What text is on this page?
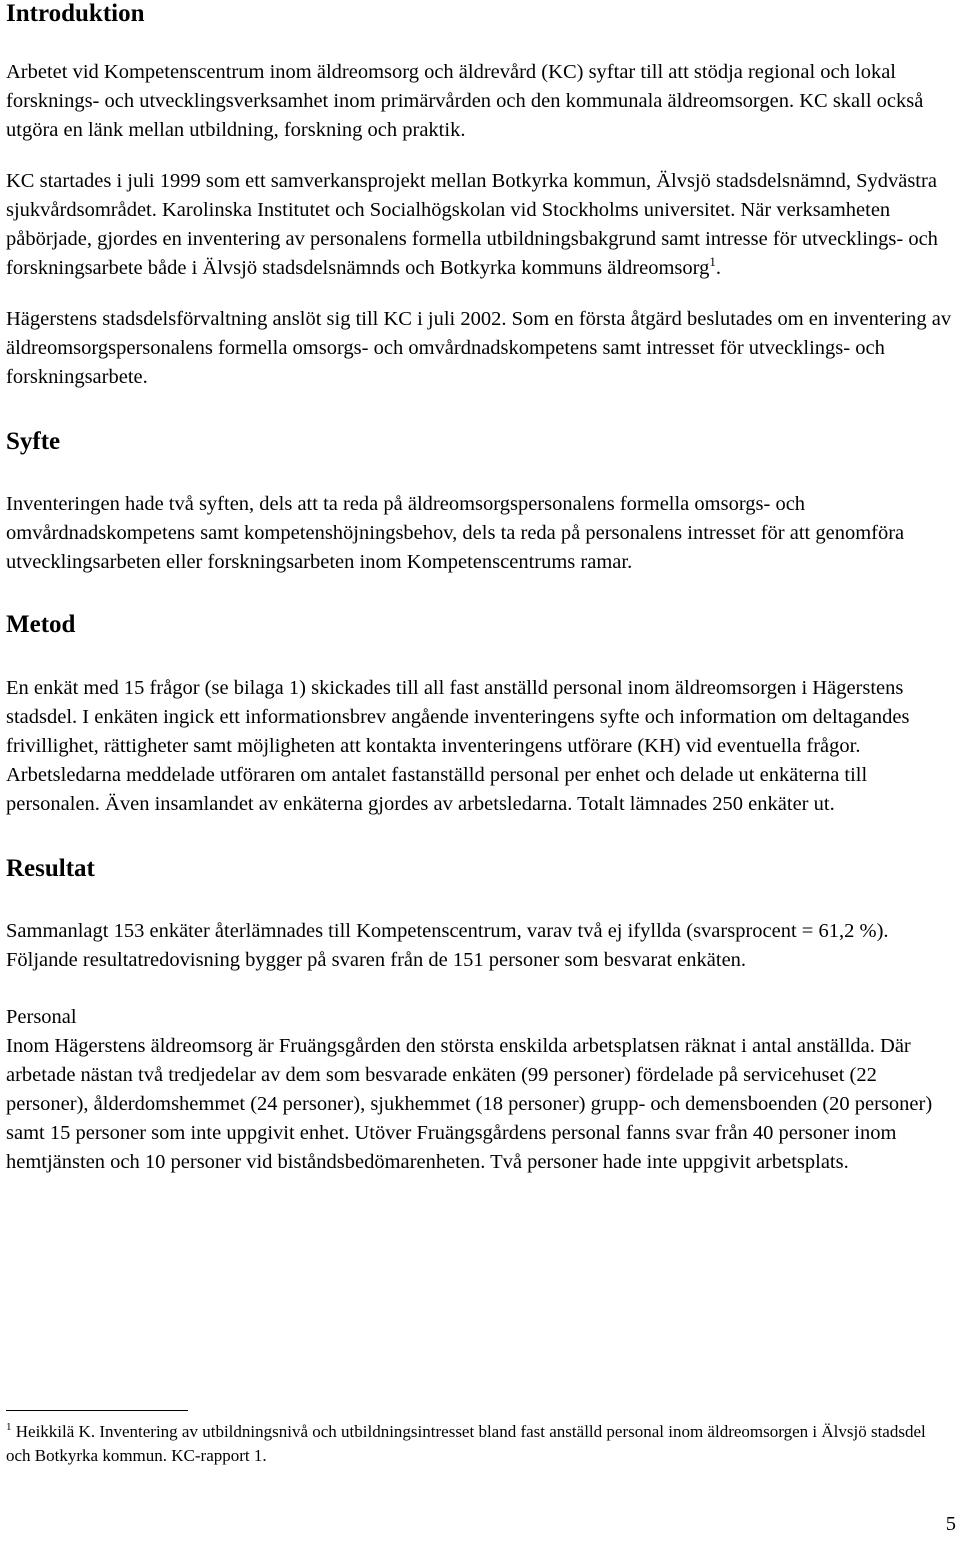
Introduktion

Arbetet vid Kompetenscentrum inom äldreomsorg och äldrevård (KC) syftar till att stödja regional och lokal forsknings- och utvecklingsverksamhet inom primärvården och den kommunala äldreomsorgen. KC skall också utgöra en länk mellan utbildning, forskning och praktik.

KC startades i juli 1999 som ett samverkansprojekt mellan Botkyrka kommun, Älvsjö stadsdelsnämnd, Sydvästra sjukvårdsområdet. Karolinska Institutet och Socialhögskolan vid Stockholms universitet. När verksamheten påbörjade, gjordes en inventering av personalens formella utbildningsbakgrund samt intresse för utvecklings- och forskningsarbete både i Älvsjö stadsdelsnämnds och Botkyrka kommuns äldreomsorg$^1$.

Hägerstens stadsdelsförvaltning anslöt sig till KC i juli 2002. Som en första åtgärd beslutades om en inventering av äldreomsorgspersonalens formella omsorgs- och omvårdnadskompetens samt intresset för utvecklings- och forskningsarbete.

Syfte

Inventeringen hade två syften, dels att ta reda på äldreomsorgspersonalens formella omsorgs- och omvårdnadskompetens samt kompetenshöjningsbehov, dels ta reda på personalens intresset för att genomföra utvecklingsarbeten eller forskningsarbeten inom Kompetenscentrums ramar.

Metod

En enkät med 15 frågor (se bilaga 1) skickades till all fast anställd personal inom äldreomsorgen i Hägerstens stadsdel. I enkäten ingick ett informationsbrev angående inventeringens syfte och information om deltagandes frivillighet, rättigheter samt möjligheten att kontakta inventeringens utförare (KH) vid eventuella frågor. Arbetsledarna meddelade utföraren om antalet fastanställd personal per enhet och delade ut enkäterna till personalen. Även insamlandet av enkäterna gjordes av arbetsledarna. Totalt lämnades 250 enkäter ut.

Resultat

Sammanlagt 153 enkäter återlämnades till Kompetenscentrum, varav två ej ifyllda (svarsprocent = 61,2 %). Följande resultatredovisning bygger på svaren från de 151 personer som besvarat enkäten.

Personal

Inom Hägerstens äldreomsorg är Fruängsgården den största enskilda arbetsplatsen räknat i antal anställda. Där arbetade nästan två tredjedelar av dem som besvarade enkäten (99 personer) fördelade på servicehuset (22 personer), ålderdomshemmet (24 personer), sjukhemmet (18 personer) grupp- och demensboenden (20 personer) samt 15 personer som inte uppgivit enhet. Utöver Fruängsgårdens personal fanns svar från 40 personer inom hemtjänsten och 10 personer vid biståndsbedömarenheten. Två personer hade inte uppgivit arbetsplats.

$^1$ Heikkilä K. Inventering av utbildningsnivå och utbildningsintresset bland fast anställd personal inom äldreomsorgen i Älvsjö stadsdel och Botkyrka kommun. KC-rapport 1.
5
